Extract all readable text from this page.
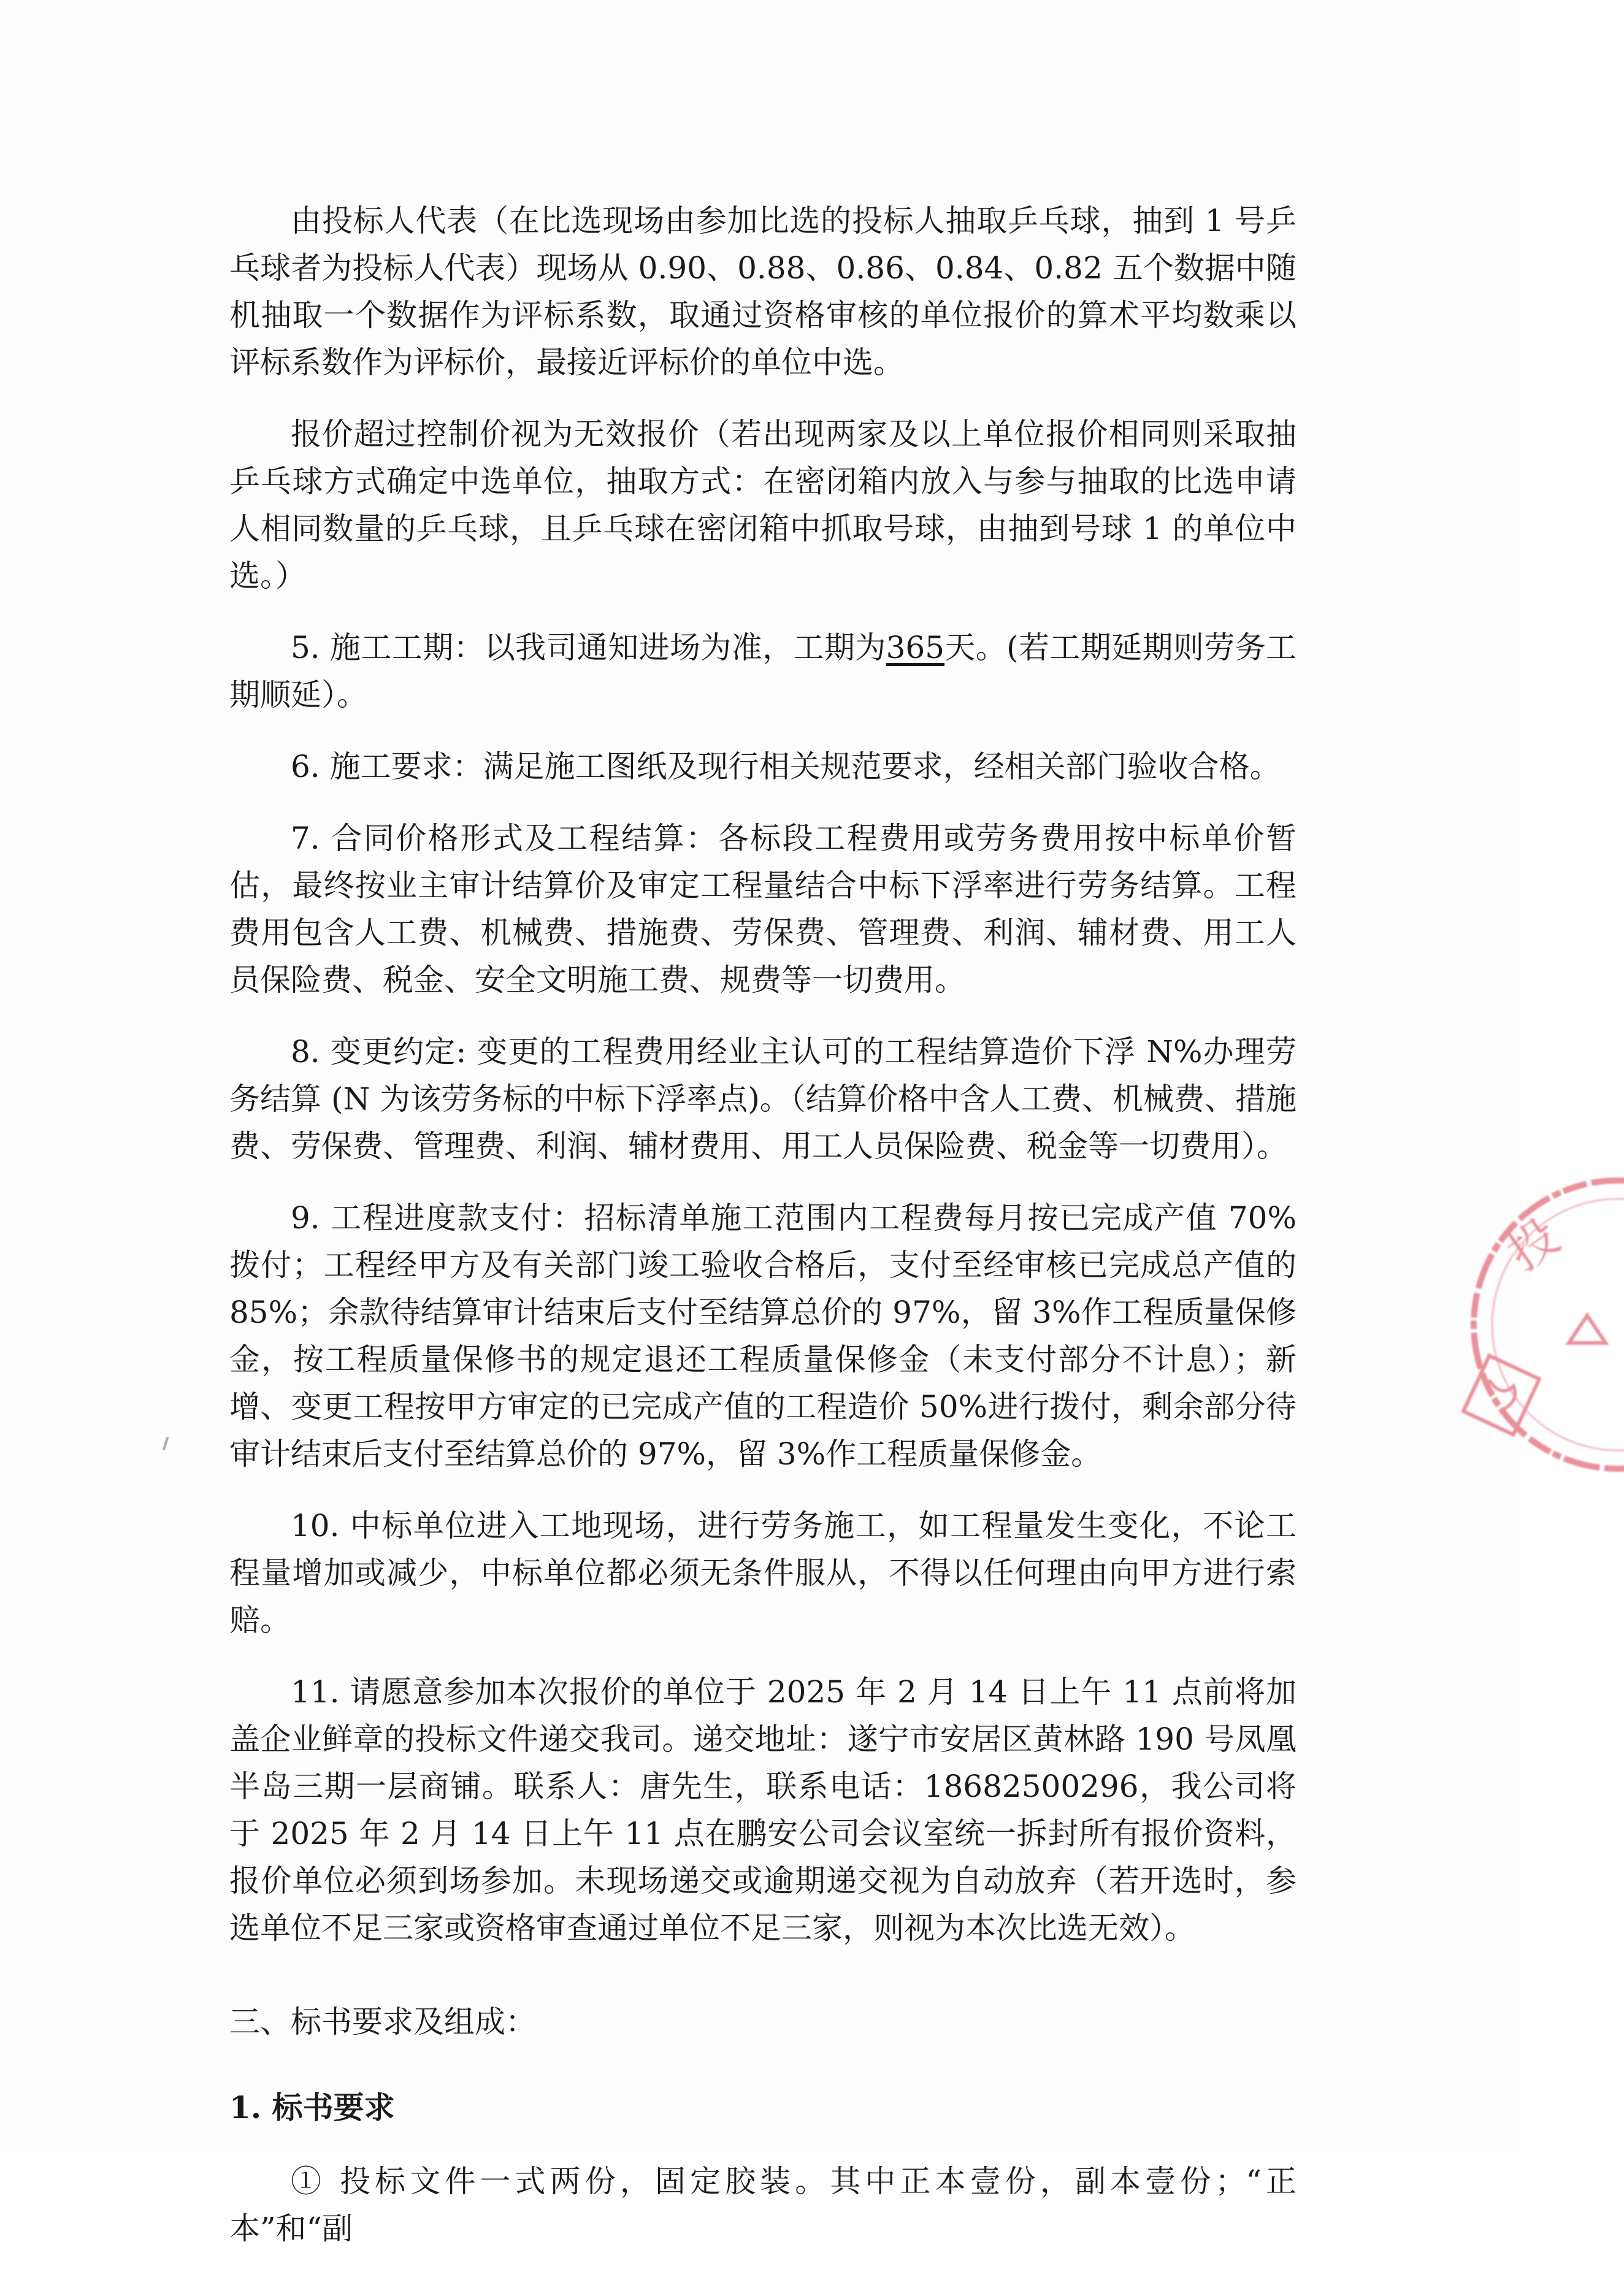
由投标人代表（在比选现场由参加比选的投标人抽取乒乓球，抽到 1 号乒乓球者为投标人代表）现场从 0.90、0.88、0.86、0.84、0.82 五个数据中随机抽取一个数据作为评标系数，取通过资格审核的单位报价的算术平均数乘以评标系数作为评标价，最接近评标价的单位中选。

报价超过控制价视为无效报价（若出现两家及以上单位报价相同则采取抽乒乓球方式确定中选单位，抽取方式：在密闭箱内放入与参与抽取的比选申请人相同数量的乒乓球，且乒乓球在密闭箱中抓取号球，由抽到号球 1 的单位中选。）

5. 施工工期：以我司通知进场为准，工期为365天。(若工期延期则劳务工期顺延）。

6. 施工要求：满足施工图纸及现行相关规范要求，经相关部门验收合格。

7. 合同价格形式及工程结算：各标段工程费用或劳务费用按中标单价暂估，最终按业主审计结算价及审定工程量结合中标下浮率进行劳务结算。工程费用包含人工费、机械费、措施费、劳保费、管理费、利润、辅材费、用工人员保险费、税金、安全文明施工费、规费等一切费用。

8. 变更约定: 变更的工程费用经业主认可的工程结算造价下浮 N%办理劳务结算 (N 为该劳务标的中标下浮率点)。（结算价格中含人工费、机械费、措施费、劳保费、管理费、利润、辅材费用、用工人员保险费、税金等一切费用）。

9. 工程进度款支付：招标清单施工范围内工程费每月按已完成产值 70%拨付；工程经甲方及有关部门竣工验收合格后，支付至经审核已完成总产值的 85%；余款待结算审计结束后支付至结算总价的 97%，留 3%作工程质量保修金，按工程质量保修书的规定退还工程质量保修金（未支付部分不计息）；新增、变更工程按甲方审定的已完成产值的工程造价 50%进行拨付，剩余部分待审计结束后支付至结算总价的 97%，留 3%作工程质量保修金。

10. 中标单位进入工地现场，进行劳务施工，如工程量发生变化，不论工程量增加或减少，中标单位都必须无条件服从，不得以任何理由向甲方进行索赔。

11. 请愿意参加本次报价的单位于 2025 年 2 月 14 日上午 11 点前将加盖企业鲜章的投标文件递交我司。递交地址：遂宁市安居区黄林路 190 号凤凰半岛三期一层商铺。联系人：唐先生，联系电话：18682500296，我公司将于 2025 年 2 月 14 日上午 11 点在鹏安公司会议室统一拆封所有报价资料，报价单位必须到场参加。未现场递交或逾期递交视为自动放弃（若开选时，参选单位不足三家或资格审查通过单位不足三家，则视为本次比选无效）。

三、标书要求及组成：
1. 标书要求

① 投标文件一式两份，固定胶装。其中正本壹份，副本壹份；“正本”和“副

投
